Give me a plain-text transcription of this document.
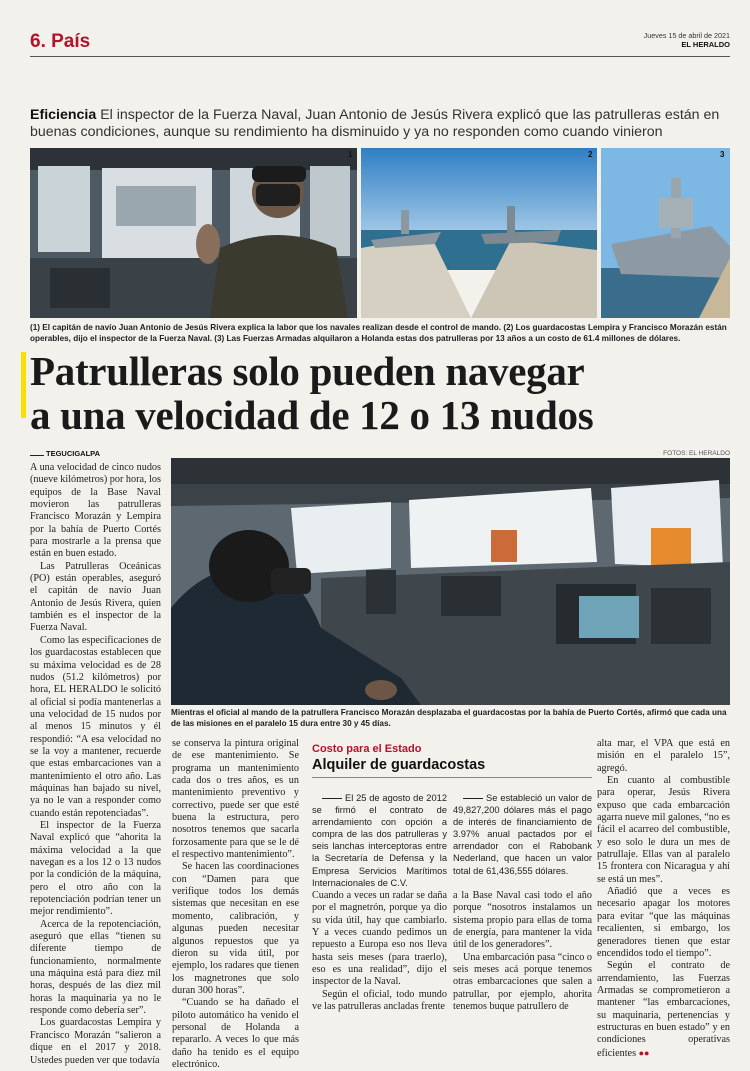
6. País	Jueves 15 de abril de 2021
EL HERALDO
Eficiencia El inspector de la Fuerza Naval, Juan Antonio de Jesús Rivera explicó que las patrulleras están en buenas condiciones, aunque su rendimiento ha disminuido y ya no responden como cuando vinieron
1	2	3
(1) El capitán de navío Juan Antonio de Jesús Rivera explica la labor que los navales realizan desde el control de mando. (2) Los guardacostas Lempira y Francisco Morazán están operables, dijo el inspector de la Fuerza Naval. (3) Las Fuerzas Armadas alquilaron a Holanda estas dos patrulleras por 13 años a un costo de 61.4 millones de dólares.
Patrulleras solo pueden navegar
a una velocidad de 12 o 13 nudos
TEGUCIGALPA

A una velocidad de cinco nudos (nueve kilómetros) por hora, los equipos de la Base Naval movieron las patrulleras Francisco Morazán y Lempira por la bahía de Puerto Cortés para mostrarle a la prensa que están en buen estado.

Las Patrulleras Oceánicas (PO) están operables, aseguró el capitán de navío Juan Antonio de Jesús Rivera, quien también es el inspector de la Fuerza Naval.

Como las especificaciones de los guardacostas establecen que su máxima velocidad es de 28 nudos (51.2 kilómetros) por hora, EL HERALDO le solicitó al oficial si podía mantenerlas a una velocidad de 15 nudos por al menos 15 minutos y él respondió: “A esa velocidad no se la voy a mantener, recuerde que estas embarcaciones van a mantenimiento el otro año. Las máquinas han bajado su nivel, ya no le van a responder como cuando están repotenciadas”.

El inspector de la Fuerza Naval explicó que “ahorita la máxima velocidad a la que navegan es a los 12 o 13 nudos por la condición de la máquina, pero el otro año con la repotenciación podrían tener un mejor rendimiento”.

Acerca de la repotenciación, aseguró que ellas “tienen su diferente tiempo de funcionamiento, normalmente una máquina está para diez mil horas, después de las diez mil horas la maquinaria ya no le responde como debería ser”.

Los guardacostas Lempira y Francisco Morazán “salieron a dique en el 2017 y 2018. Ustedes pueden ver que todavía

FOTOS: EL HERALDO
Mientras el oficial al mando de la patrullera Francisco Morazán desplazaba el guardacostas por la bahía de Puerto Cortés, afirmó que cada una de las misiones en el paralelo 15 dura entre 30 y 45 días.

se conserva la pintura original de ese mantenimiento. Se programa un mantenimiento cada dos o tres años, es un mantenimiento preventivo y correctivo, puede ser que esté buena la estructura, pero nosotros tenemos que sacarla forzosamente para que se le dé el respectivo mantenimiento”.

Se hacen las coordinaciones con “Damen para que verifique todos los demás sistemas que necesitan en ese momento, calibración, y algunas pueden necesitar algunos repuestos que ya dieron su vida útil, por ejemplo, los radares que tienen los magnetrones que solo duran 300 horas”.

“Cuando se ha dañado el piloto automático ha venido el personal de Holanda a repararlo. A veces lo que más daño ha tenido es el equipo electrónico.

Costo para el Estado
Alquiler de guardacostas

El 25 de agosto de 2012 se firmó el contrato de arrendamiento con opción a compra de las dos patrulleras y seis lanchas interceptoras entre la Secretaría de Defensa y la Empresa Servicios Marítimos Internacionales de C.V.

Se estableció un valor de 49,827,200 dólares más el pago de interés de financiamiento de 3.97% anual pactados por el arrendador con el Rabobank Nederland, que hacen un valor total de 61,436,555 dólares.

Cuando a veces un radar se daña por el magnetrón, porque ya dio su vida útil, hay que cambiarlo. Y a veces cuando pedimos un repuesto a Europa eso nos lleva hasta seis meses (para traerlo), eso es una realidad”, dijo el inspector de la Naval.

Según el oficial, todo mundo ve las patrulleras ancladas frente

a la Base Naval casi todo el año porque “nosotros instalamos un sistema propio para ellas de toma de energía, para mantener la vida útil de los generadores”.

Una embarcación pasa “cinco o seis meses acá porque tenemos otras embarcaciones que salen a patrullar, por ejemplo, ahorita tenemos buque patrullero de

alta mar, el VPA que está en misión en el paralelo 15”, agregó.

En cuanto al combustible para operar, Jesús Rivera expuso que cada embarcación agarra nueve mil galones, “no es fácil el acarreo del combustible, y eso solo le dura un mes de patrullaje. Ellas van al paralelo 15 frontera con Nicaragua y ahí se está un mes”.

Añadió que a veces es necesario apagar los motores para evitar “que las máquinas recalienten, si embargo, los generadores tienen que estar encendidos todo el tiempo”.

Según el contrato de arrendamiento, las Fuerzas Armadas se comprometieron a mantener “las embarcaciones, su maquinaria, pertenencias y estructuras en buen estado” y en condiciones operativas eficientes ●●
